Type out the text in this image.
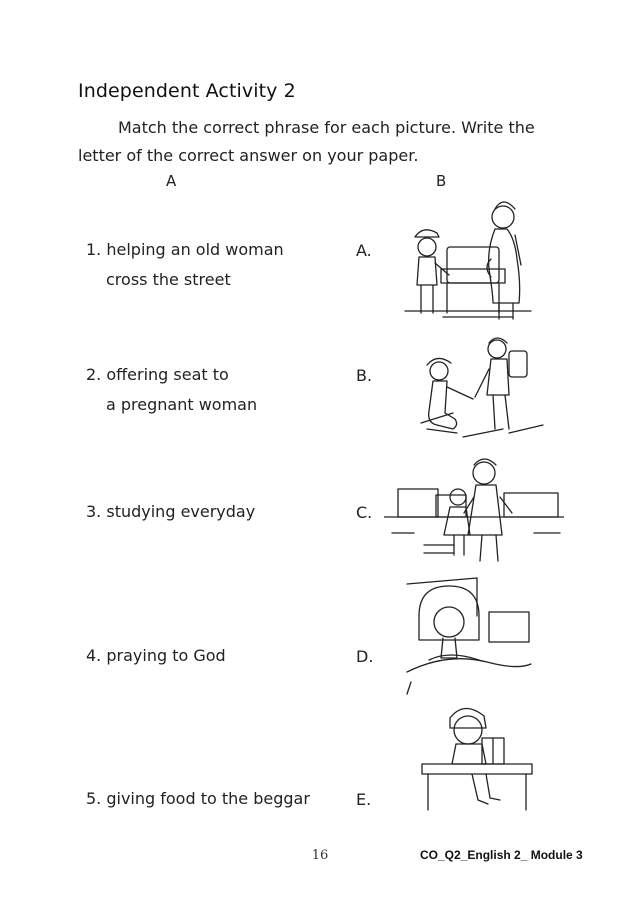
Independent Activity 2
Match the correct phrase for each picture. Write the letter of the correct answer on your paper.
A	B
1. helping an old woman
cross the street
2. offering seat to
a pregnant woman
3. studying everyday
4. praying to God
5. giving food to the beggar
A.
B.
C.
D.
E.
16	CO_Q2_English 2_ Module 3
